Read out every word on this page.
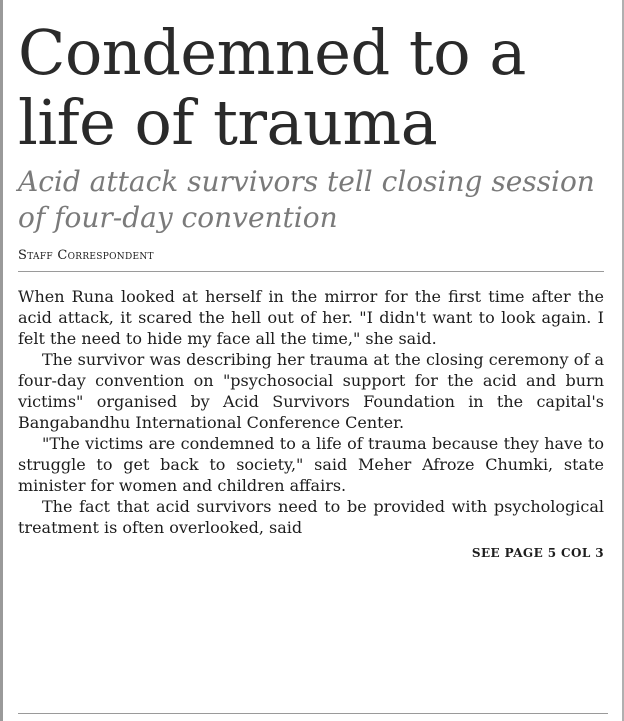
Condemned to a life of trauma
Acid attack survivors tell closing session of four-day convention
Staff Correspondent

When Runa looked at herself in the mirror for the first time after the acid attack, it scared the hell out of her. "I didn't want to look again. I felt the need to hide my face all the time," she said.

The survivor was describing her trauma at the closing ceremony of a four-day convention on "psychosocial support for the acid and burn victims" organised by Acid Survivors Foundation in the capital's Bangabandhu International Conference Center.

"The victims are condemned to a life of trauma because they have to struggle to get back to society," said Meher Afroze Chumki, state minister for women and children affairs.

The fact that acid survivors need to be provided with psychological treatment is often overlooked, said

SEE PAGE 5 COL 3
